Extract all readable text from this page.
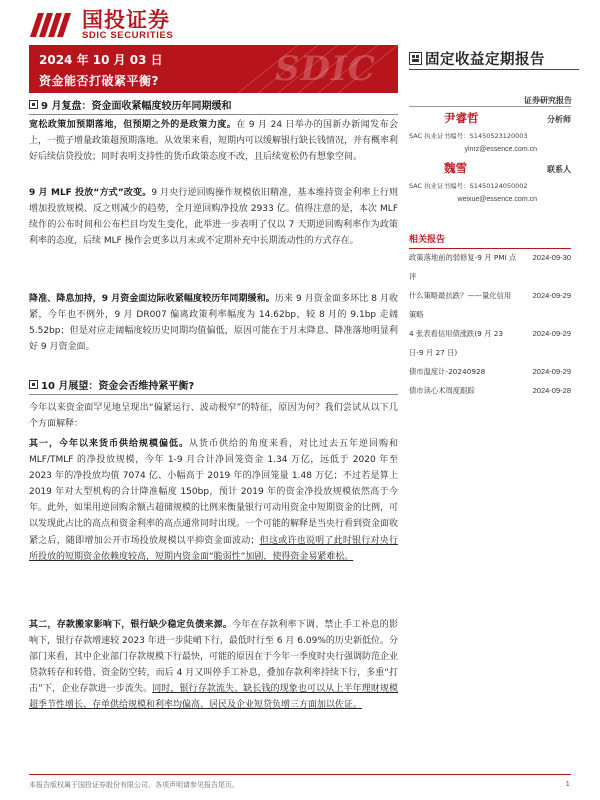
国投证券
SDIC SECURITIES
SDIC
2024 年 10 月 03 日
资金能否打破紧平衡?
固定收益定期报告
证券研究报告
尹睿哲	分析师
SAC 执业证书编号：S1450523120003
yinrz@essence.com.cn
魏雪	联系人
SAC 执业证书编号：S1450124050002
weixue@essence.com.cn
相关报告
政策落地前的弱修复-9 月 PMI 点评
2024-09-30
什么策略最抗跌？——量化信用策略
2024-09-29
4 张表看信用债涨跌(9 月 23日-9 月 27 日)
2024-09-29
债市温度计-20240928	2024-09-29
债市读心术周度跟踪	2024-09-28
9 月复盘：资金面收紧幅度较历年同期缓和
宽松政策加预期落地，但预期之外的是政策力度。在 9 月 24 日举办的国新办新闻发布会上，一揽子增量政策超预期落地。从效果来看，短期内可以缓解银行缺长钱情况，并有概率利好后续信贷投放；同时表明支持性的货币政策态度不改，且后续宽松仍有想象空间。
9 月 MLF 投放“方式”改变。9 月央行逆回购操作规模依旧精准，基本维持资金利率上行则增加投放规模、反之则减少的趋势，全月逆回购净投放 2933 亿。值得注意的是，本次 MLF 续作的公布时间和公布栏目均发生变化，此举进一步表明了仅以 7 天期逆回购利率作为政策利率的态度，后续 MLF 操作会更多以月末或不定期补充中长期流动性的方式存在。
降准、降息加持，9 月资金面边际收紧幅度较历年同期缓和。历来 9 月资金面多环比 8 月收紧，今年也不例外，9 月 DR007 偏离政策利率幅度为 14.62bp，较 8 月的 9.1bp 走阔 5.52bp；但是对应走阔幅度较历史同期均值偏低，原因可能在于月末降息、降准落地明显利好 9 月资金面。
10 月展望：资金会否维持紧平衡?
今年以来资金面罕见地呈现出“偏紧运行、波动极窄”的特征，原因为何？我们尝试从以下几个方面解释：
其一，今年以来货币供给规模偏低。从货币供给的角度来看，对比过去五年逆回购和 MLF/TMLF 的净投放规模，今年 1-9 月合计净回笼资金 1.34 万亿，远低于 2020 年至 2023 年的净投放均值 7074 亿、小幅高于 2019 年的净回笼量 1.48 万亿；不过若是算上 2019 年对大型机构的合计降准幅度 150bp，预计 2019 年的资金净投放规模依然高于今年。此外，如果用逆回购余额占超储规模的比例来衡量银行可动用资金中短期资金的比例，可以发现此占比的高点和资金利率的高点通常同时出现。一个可能的解释是当央行看到资金面收紧之后，随即增加公开市场投放规模以平抑资金面波动；但这或许也说明了此时银行对央行所投放的短期资金依赖度较高，短期内资金面“脆弱性”加剧，使得资金易紧难松。
其二，存款搬家影响下，银行缺少稳定负债来源。今年在存款利率下调、禁止手工补息的影响下，银行存款增速较 2023 年进一步陡峭下行，最低时行至 6 月 6.09%的历史新低位。分部门来看，其中企业部门存款规模下行最快，可能的原因在于今年一季度时央行强调防范企业贷款转存和转借、资金防空转，而后 4 月又叫停手工补息，叠加存款利率持续下行，多重“打击”下，企业存款进一步流失。同时，银行存款流失、缺长钱的现象也可以从上半年理财规模超季节性增长、存单供给规模和利率均偏高、居民及企业短贷负增三方面加以佐证。
本报告版权属于国投证券股份有限公司，各项声明请参见报告尾页。	1
